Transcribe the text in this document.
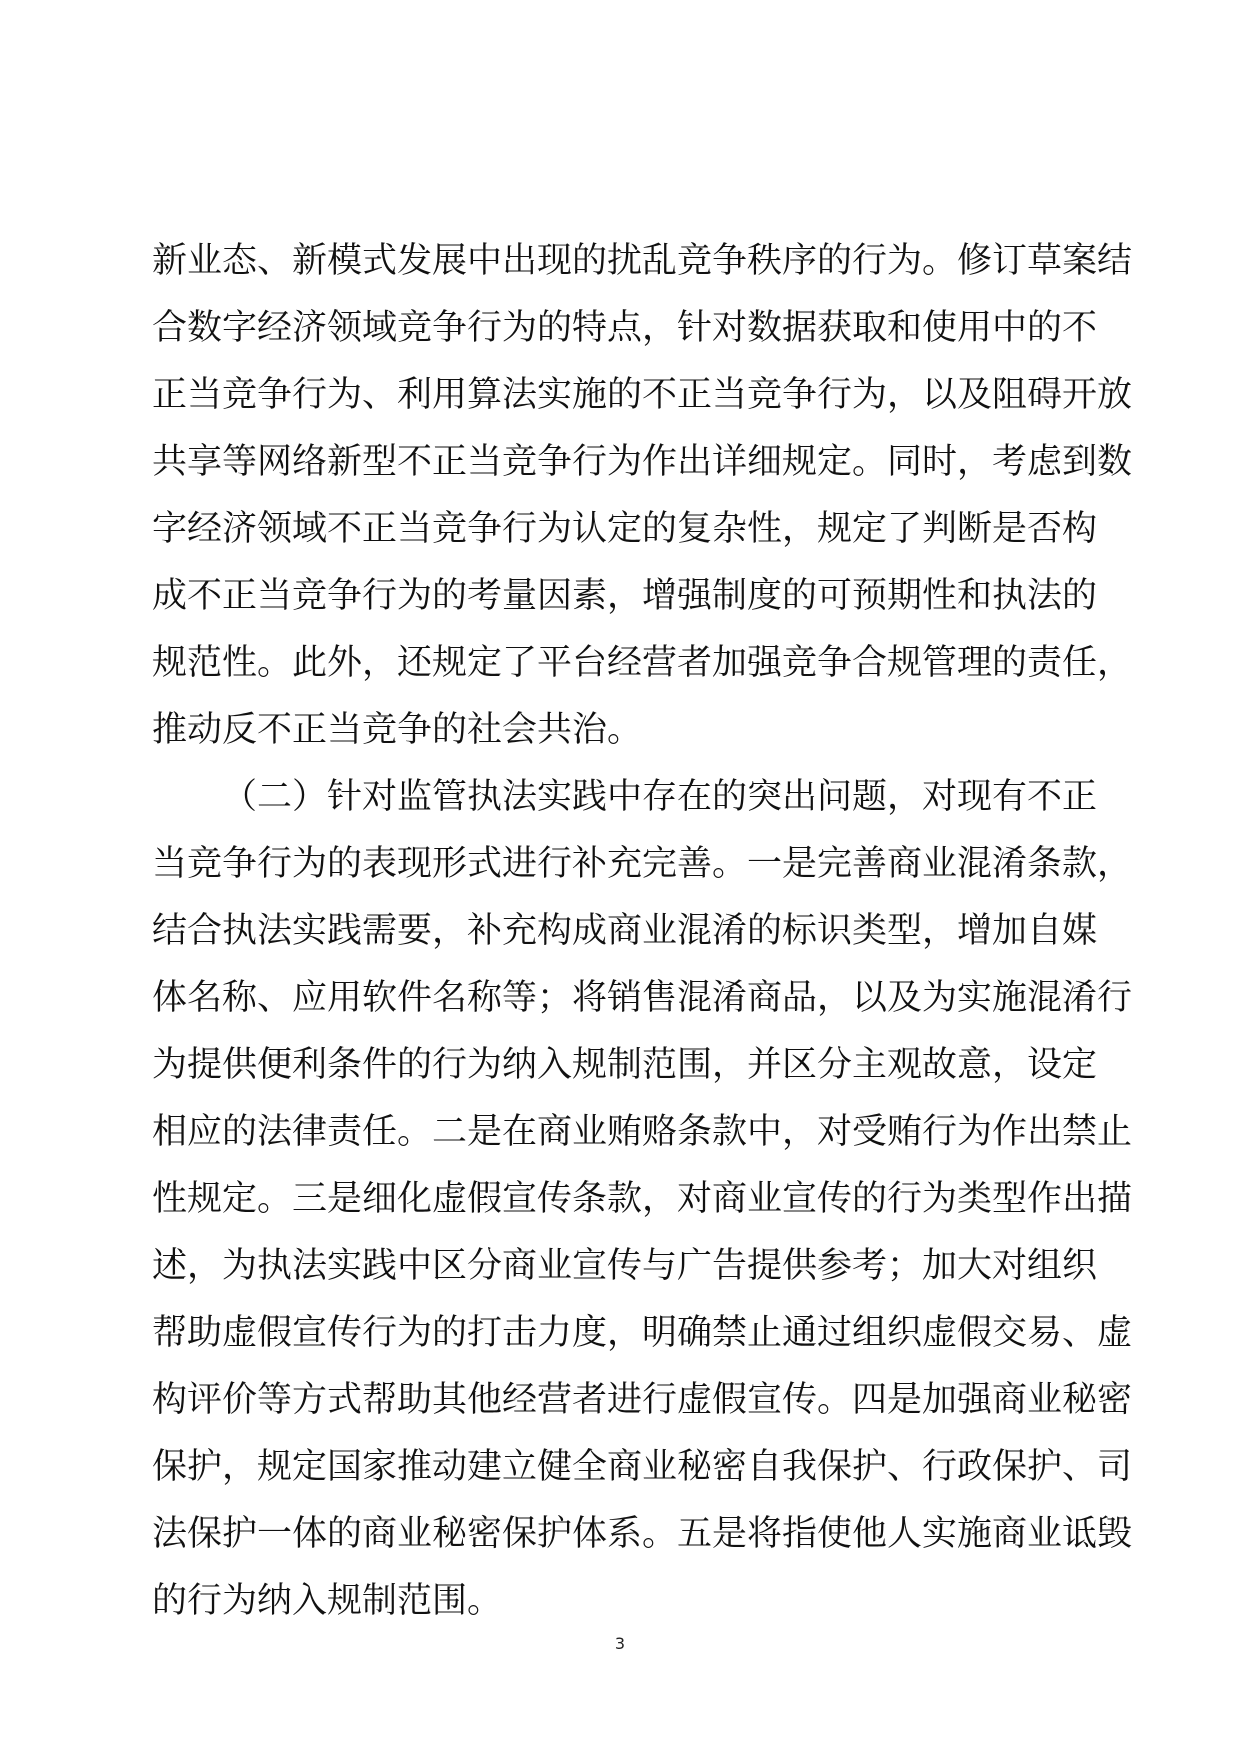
新业态、新模式发展中出现的扰乱竞争秩序的行为。修订草案结
合数字经济领域竞争行为的特点，针对数据获取和使用中的不
正当竞争行为、利用算法实施的不正当竞争行为，以及阻碍开放
共享等网络新型不正当竞争行为作出详细规定。同时，考虑到数
字经济领域不正当竞争行为认定的复杂性，规定了判断是否构
成不正当竞争行为的考量因素，增强制度的可预期性和执法的
规范性。此外，还规定了平台经营者加强竞争合规管理的责任，
推动反不正当竞争的社会共治。
（二）针对监管执法实践中存在的突出问题，对现有不正
当竞争行为的表现形式进行补充完善。一是完善商业混淆条款，
结合执法实践需要，补充构成商业混淆的标识类型，增加自媒
体名称、应用软件名称等；将销售混淆商品，以及为实施混淆行
为提供便利条件的行为纳入规制范围，并区分主观故意，设定
相应的法律责任。二是在商业贿赂条款中，对受贿行为作出禁止
性规定。三是细化虚假宣传条款，对商业宣传的行为类型作出描
述，为执法实践中区分商业宣传与广告提供参考；加大对组织
帮助虚假宣传行为的打击力度，明确禁止通过组织虚假交易、虚
构评价等方式帮助其他经营者进行虚假宣传。四是加强商业秘密
保护，规定国家推动建立健全商业秘密自我保护、行政保护、司
法保护一体的商业秘密保护体系。五是将指使他人实施商业诋毁
的行为纳入规制范围。
3
